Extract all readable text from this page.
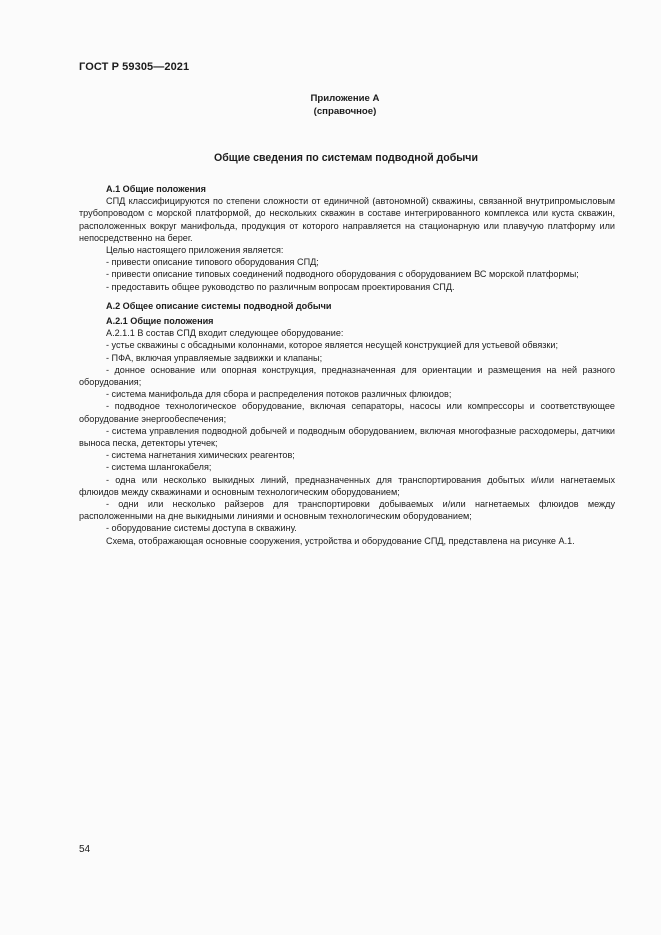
ГОСТ Р 59305—2021
Приложение А
(справочное)
Общие сведения по системам подводной добычи

А.1 Общие положения

СПД классифицируются по степени сложности от единичной (автономной) скважины, связанной внутрипромысловым трубопроводом с морской платформой, до нескольких скважин в составе интегрированного комплекса или куста скважин, расположенных вокруг манифольда, продукция от которого направляется на стационарную или плавучую платформу или непосредственно на берег.

Целью настоящего приложения является:

- привести описание типового оборудования СПД;

- привести описание типовых соединений подводного оборудования с оборудованием ВС морской платформы;

- предоставить общее руководство по различным вопросам проектирования СПД.

А.2 Общее описание системы подводной добычи

А.2.1 Общие положения

А.2.1.1 В состав СПД входит следующее оборудование:

- устье скважины с обсадными колоннами, которое является несущей конструкцией для устьевой обвязки;

- ПФА, включая управляемые задвижки и клапаны;

- донное основание или опорная конструкция, предназначенная для ориентации и размещения на ней разного оборудования;

- система манифольда для сбора и распределения потоков различных флюидов;

- подводное технологическое оборудование, включая сепараторы, насосы или компрессоры и соответствующее оборудование энергообеспечения;

- система управления подводной добычей и подводным оборудованием, включая многофазные расходомеры, датчики выноса песка, детекторы утечек;

- система нагнетания химических реагентов;

- система шлангокабеля;

- одна или несколько выкидных линий, предназначенных для транспортирования добытых и/или нагнетаемых флюидов между скважинами и основным технологическим оборудованием;

- одни или несколько райзеров для транспортировки добываемых и/или нагнетаемых флюидов между расположенными на дне выкидными линиями и основным технологическим оборудованием;

- оборудование системы доступа в скважину.

Схема, отображающая основные сооружения, устройства и оборудование СПД, представлена на рисунке А.1.

54
